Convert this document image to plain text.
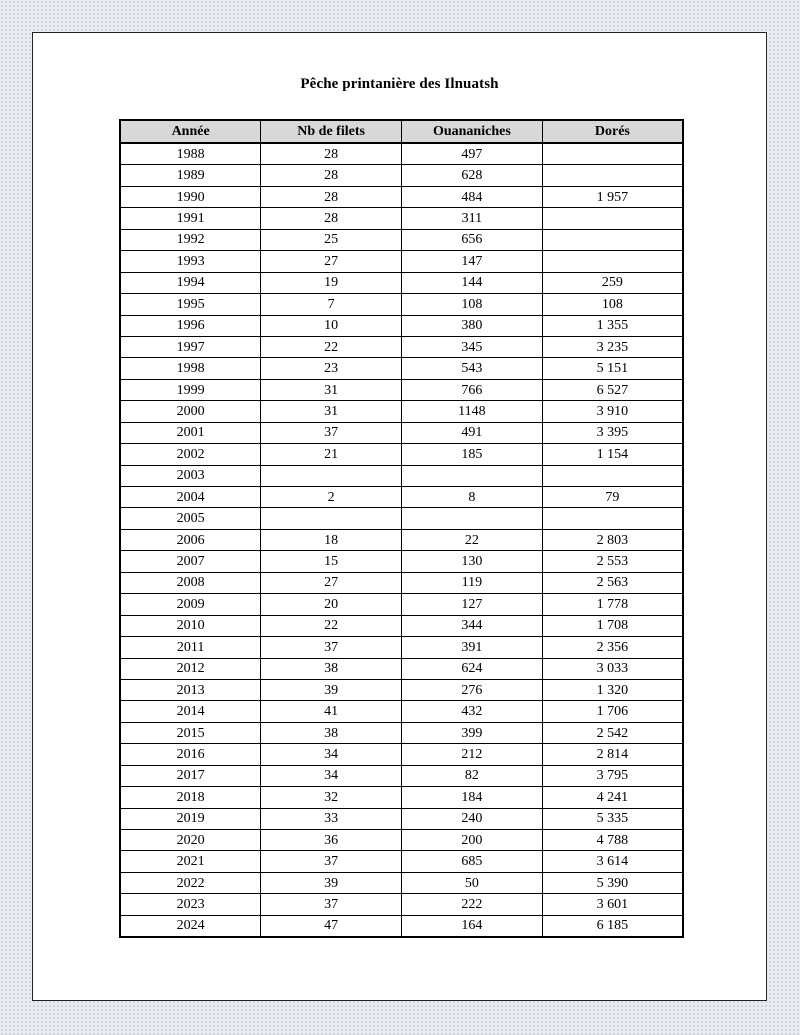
Pêche printanière des Ilnuatsh
Année	Nb de filets	Ouananiches	Dorés
1988	28	497	
1989	28	628	
1990	28	484	1 957
1991	28	311	
1992	25	656	
1993	27	147	
1994	19	144	259
1995	7	108	108
1996	10	380	1 355
1997	22	345	3 235
1998	23	543	5 151
1999	31	766	6 527
2000	31	1148	3 910
2001	37	491	3 395
2002	21	185	1 154
2003			
2004	2	8	79
2005			
2006	18	22	2 803
2007	15	130	2 553
2008	27	119	2 563
2009	20	127	1 778
2010	22	344	1 708
2011	37	391	2 356
2012	38	624	3 033
2013	39	276	1 320
2014	41	432	1 706
2015	38	399	2 542
2016	34	212	2 814
2017	34	82	3 795
2018	32	184	4 241
2019	33	240	5 335
2020	36	200	4 788
2021	37	685	3 614
2022	39	50	5 390
2023	37	222	3 601
2024	47	164	6 185
